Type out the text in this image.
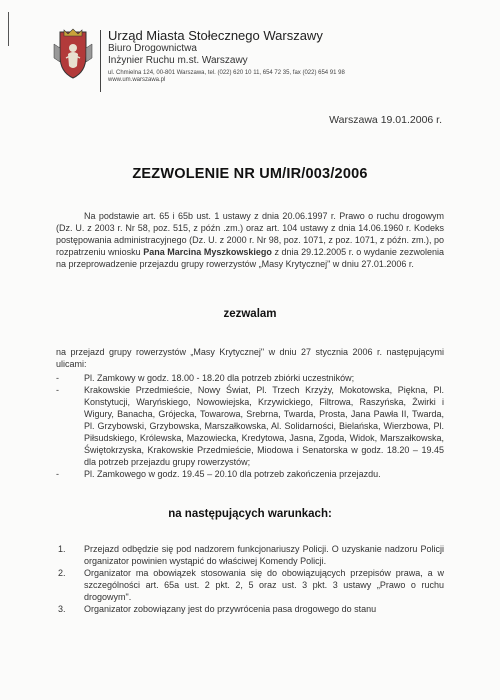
Urząd Miasta Stołecznego Warszawy
Biuro Drogownictwa
Inżynier Ruchu m.st. Warszawy
ul. Chmielna 124, 00-801 Warszawa, tel. (022) 620 10 11, 654 72 35, fax (022) 654 91 98
www.um.warszawa.pl
Warszawa 19.01.2006 r.
ZEZWOLENIE NR UM/IR/003/2006
Na podstawie art. 65 i 65b ust. 1 ustawy z dnia 20.06.1997 r. Prawo o ruchu drogowym (Dz. U. z 2003 r. Nr 58, poz. 515, z późn .zm.) oraz art. 104 ustawy z dnia 14.06.1960 r. Kodeks postępowania administracyjnego (Dz. U. z 2000 r. Nr 98, poz. 1071, z poz. 1071, z późn. zm.), po rozpatrzeniu wniosku Pana Marcina Myszkowskiego z dnia 29.12.2005 r. o wydanie zezwolenia na przeprowadzenie przejazdu grupy rowerzystów „Masy Krytycznej" w dniu 27.01.2006 r.
zezwalam
na przejazd grupy rowerzystów „Masy Krytycznej" w dniu 27 stycznia 2006 r. następującymi ulicami:
-	Pl. Zamkowy w godz. 18.00 - 18.20 dla potrzeb zbiórki uczestników;
-	Krakowskie Przedmieście, Nowy Świat, Pl. Trzech Krzyży, Mokotowska, Piękna, Pl. Konstytucji, Waryńskiego, Nowowiejska, Krzywickiego, Filtrowa, Raszyńska, Żwirki i Wigury, Banacha, Grójecka, Towarowa, Srebrna, Twarda, Prosta, Jana Pawła II, Twarda, Pl. Grzybowski, Grzybowska, Marszałkowska, Al. Solidarności, Bielańska, Wierzbowa, Pl. Piłsudskiego, Królewska, Mazowiecka, Kredytowa, Jasna, Zgoda, Widok, Marszałkowska, Świętokrzyska, Krakowskie Przedmieście, Miodowa i Senatorska w godz. 18.20 – 19.45 dla potrzeb przejazdu grupy rowerzystów;
-	Pl. Zamkowego w godz. 19.45 – 20.10 dla potrzeb zakończenia przejazdu.
na następujących warunkach:
1. Przejazd odbędzie się pod nadzorem funkcjonariuszy Policji. O uzyskanie nadzoru Policji organizator powinien wystąpić do właściwej Komendy Policji.
2. Organizator ma obowiązek stosowania się do obowiązujących przepisów prawa, a w szczególności art. 65a ust. 2 pkt. 2, 5 oraz ust. 3 pkt. 3 ustawy „Prawo o ruchu drogowym".
3. Organizator zobowiązany jest do przywrócenia pasa drogowego do stanu
